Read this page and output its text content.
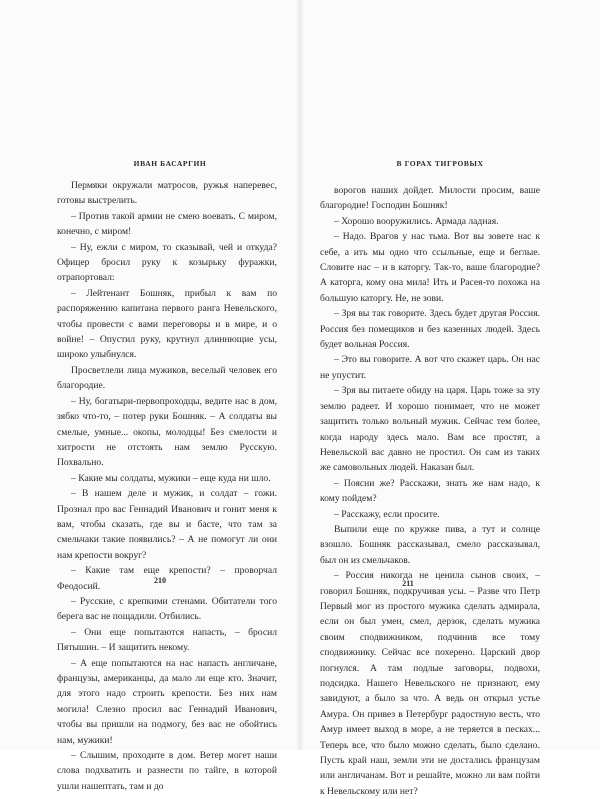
ИВАН БАСАРГИН

Пермяки окружали матросов, ружья наперевес, готовы выстрелить.

– Против такой армии не смею воевать. С миром, конечно, с миром!

– Ну, ежли с миром, то сказывай, чей и откуда? Офицер бросил руку к козырьку фуражки, отрапортовал:

– Лейтенант Бошняк, прибыл к вам по распоряжению капитана первого ранга Невельского, чтобы провести с вами переговоры и в мире, и о войне! – Опустил руку, крутнул длиннющие усы, широко улыбнулся.

Просветлели лица мужиков, веселый человек его благородие.

– Ну, богатыри-первопроходцы, ведите нас в дом, зябко что-то, – потер руки Бошняк. – А солдаты вы смелые, умные... окопы, молодцы! Без смелости и хитрости не отстоять нам землю Русскую. Похвально.

– Какие мы солдаты, мужики – еще куда ни шло.

– В нашем деле и мужик, и солдат – гожи. Прознал про вас Геннадий Иванович и гонит меня к вам, чтобы сказать, где вы и басте, что там за смельчаки такие появились? – А не помогут ли они нам крепости вокруг?

– Какие там еще крепости? – проворчал Феодосий.

– Русские, с крепкими стенами. Обитатели того берега вас не пощадили. Отбились.

– Они еще попытаются напасть, – бросил Пятышин. – И защитить некому.

– А еще попытаются на нас напасть англичане, французы, американцы, да мало ли еще кто. Значит, для этого надо строить крепости. Без них нам могила! Слезно просил вас Геннадий Иванович, чтобы вы пришли на подмогу, без вас не обойтись нам, мужики!

– Слышим, проходите в дом. Ветер могет наши слова подхватить и разнести по тайге, в которой ушли нашептать, там и до

210
В ГОРАХ ТИГРОВЫХ

ворогов наших дойдет. Милости просим, ваше благородие! Господин Бошняк!

– Хорошо вооружились. Армада ладная.

– Надо. Врагов у нас тьма. Вот вы зовете нас к себе, а ить мы одно что ссыльные, еще и беглые. Словите нас – и в каторгу. Так-то, ваше благородие? А каторга, кому она мила! Ить и Расея-то похожа на большую каторгу. Не, не зови.

– Зря вы так говорите. Здесь будет другая Россия. Россия без помещиков и без казенных людей. Здесь будет вольная Россия.

– Это вы говорите. А вот что скажет царь. Он нас не упустит.

– Зря вы питаете обиду на царя. Царь тоже за эту землю радеет. И хорошо понимает, что не может защитить только вольный мужик. Сейчас тем более, когда народу здесь мало. Вам все простят, а Невельской вас давно не простил. Он сам из таких же самовольных людей. Наказан был.

– Поясни же? Расскажи, знать же нам надо, к кому пойдем?

– Расскажу, если просите.

Выпили еще по кружке пива, а тут и солнце взошло. Бошняк рассказывал, смело рассказывал, был он из смельчаков.

– Россия никогда не ценила сынов своих, – говорил Бошняк, подкручивая усы. – Разве что Петр Первый мог из простого мужика сделать адмирала, если он был умен, смел, дерзок, сделать мужика своим сподвижником, подчинив все тому сподвижнику. Сейчас все похерено. Царский двор погнулся. А там подлые заговоры, подвохи, подсидка. Нашего Невельского не признают, ему завидуют, а было за что. А ведь он открыл устье Амура. Он привез в Петербург радостную весть, что Амур имеет выход в море, а не теряется в песках... Теперь все, что было можно сделать, было сделано. Пусть край наш, земли эти не достались французам или англичанам. Вот и решайте, можно ли вам пойти к Невельскому или нет?

211
